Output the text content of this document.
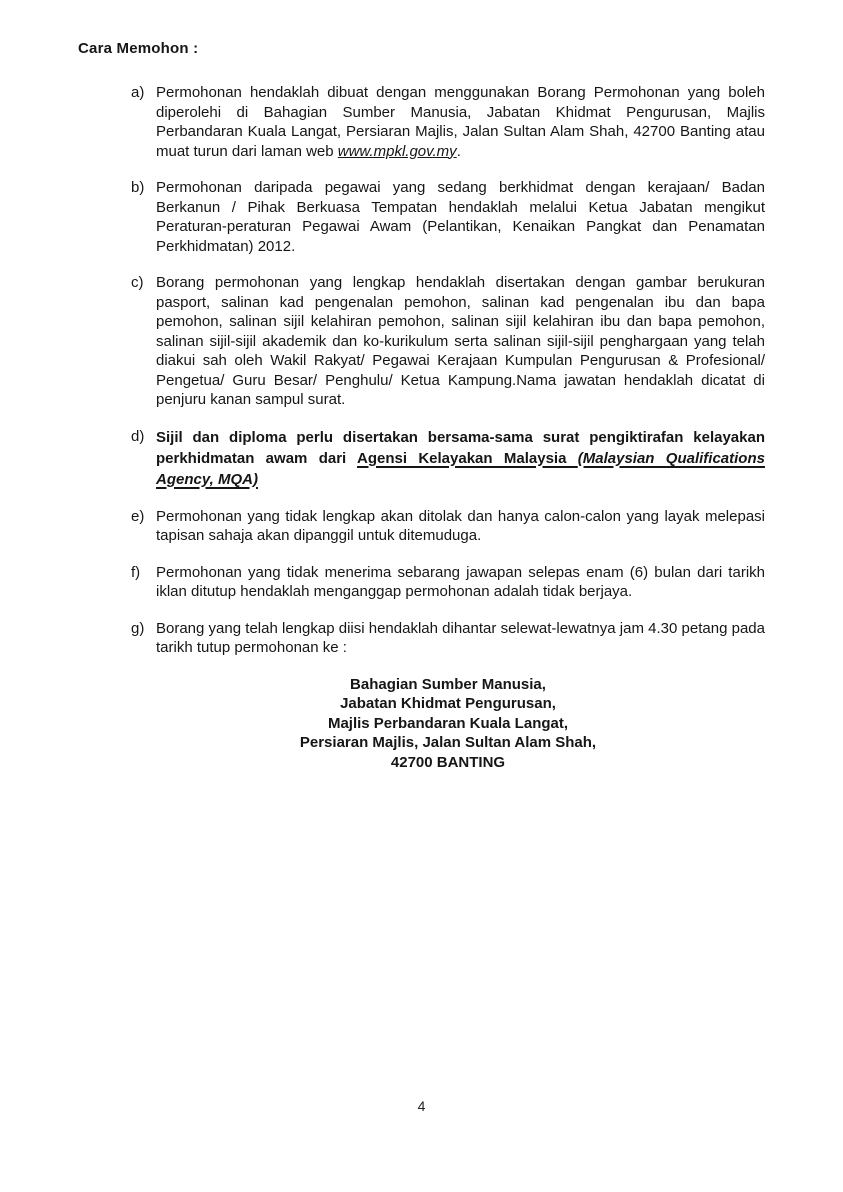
Cara Memohon :
a) Permohonan hendaklah dibuat dengan menggunakan Borang Permohonan yang boleh diperolehi di Bahagian Sumber Manusia, Jabatan Khidmat Pengurusan, Majlis Perbandaran Kuala Langat, Persiaran Majlis, Jalan Sultan Alam Shah, 42700 Banting atau muat turun dari laman web www.mpkl.gov.my.

b) Permohonan daripada pegawai yang sedang berkhidmat dengan kerajaan/ Badan Berkanun / Pihak Berkuasa Tempatan hendaklah melalui Ketua Jabatan mengikut Peraturan-peraturan Pegawai Awam (Pelantikan, Kenaikan Pangkat dan Penamatan Perkhidmatan) 2012.

c) Borang permohonan yang lengkap hendaklah disertakan dengan gambar berukuran pasport, salinan kad pengenalan pemohon, salinan kad pengenalan ibu dan bapa pemohon, salinan sijil kelahiran pemohon, salinan sijil kelahiran ibu dan bapa pemohon, salinan sijil-sijil akademik dan ko-kurikulum serta salinan sijil-sijil penghargaan yang telah diakui sah oleh Wakil Rakyat/ Pegawai Kerajaan Kumpulan Pengurusan & Profesional/ Pengetua/ Guru Besar/ Penghulu/ Ketua Kampung.Nama jawatan hendaklah dicatat di penjuru kanan sampul surat.

d) Sijil dan diploma perlu disertakan bersama-sama surat pengiktirafan kelayakan perkhidmatan awam dari Agensi Kelayakan Malaysia (Malaysian Qualifications Agency, MQA)

e) Permohonan yang tidak lengkap akan ditolak dan hanya calon-calon yang layak melepasi tapisan sahaja akan dipanggil untuk ditemuduga.

f)	Permohonan yang tidak menerima sebarang jawapan selepas enam (6) bulan dari tarikh iklan ditutup hendaklah menganggap permohonan adalah tidak berjaya.

g) Borang yang telah lengkap diisi hendaklah dihantar selewat-lewatnya jam 4.30 petang pada tarikh tutup permohonan ke :

Bahagian Sumber Manusia,
Jabatan Khidmat Pengurusan,
Majlis Perbandaran Kuala Langat,
Persiaran Majlis, Jalan Sultan Alam Shah,
42700 BANTING
4
